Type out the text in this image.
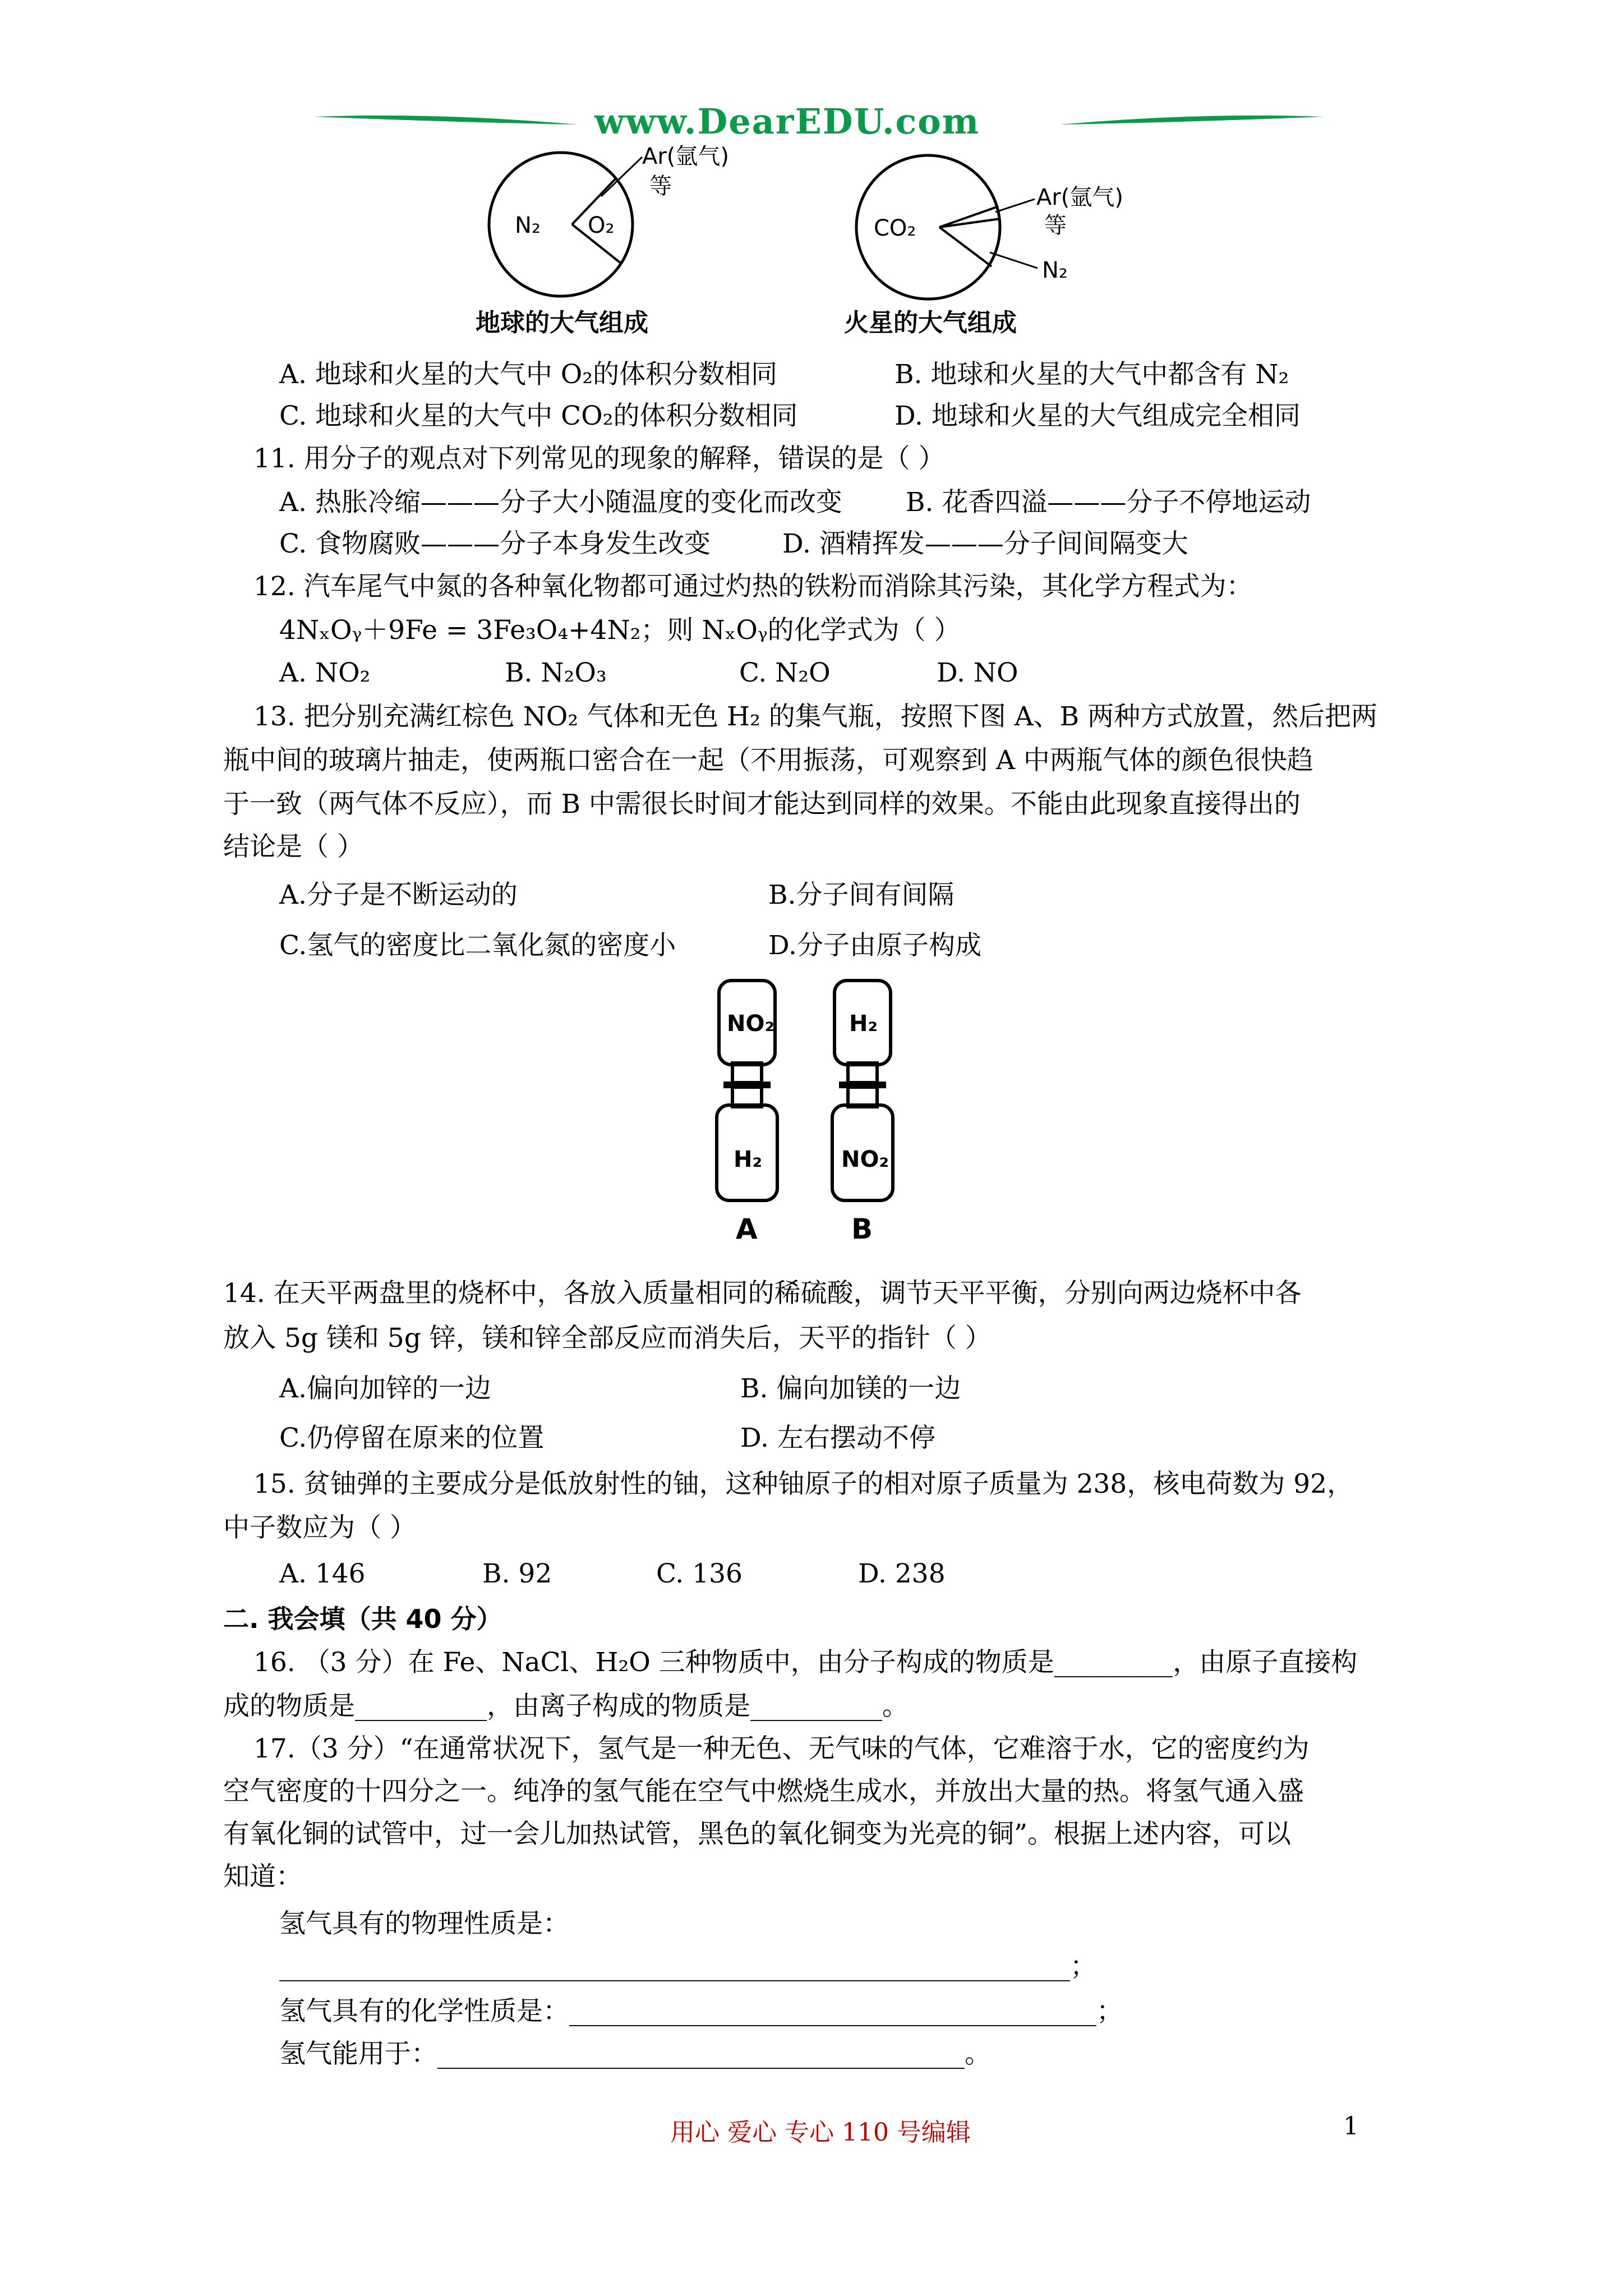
www.DearEDU.com
N₂ O₂
Ar(氩气)
等
地球的大气组成
CO₂
Ar(氩气)
等
N₂
火星的大气组成
A. 地球和火星的大气中 O₂的体积分数相同	B. 地球和火星的大气中都含有 N₂
C. 地球和火星的大气中 CO₂的体积分数相同	D. 地球和火星的大气组成完全相同
11. 用分子的观点对下列常见的现象的解释，错误的是（ ）
A. 热胀冷缩———分子大小随温度的变化而改变 B. 花香四溢———分子不停地运动
C. 食物腐败———分子本身发生改变	D. 酒精挥发———分子间间隔变大
12. 汽车尾气中氮的各种氧化物都可通过灼热的铁粉而消除其污染，其化学方程式为：
4NₓOᵧ＋9Fe = 3Fe₃O₄+4N₂；则 NₓOᵧ的化学式为（ ）
A. NO₂	B. N₂O₃	C. N₂O	D. NO
13. 把分别充满红棕色 NO₂ 气体和无色 H₂ 的集气瓶，按照下图 A、B 两种方式放置，然后把两
瓶中间的玻璃片抽走，使两瓶口密合在一起（不用振荡，可观察到 A 中两瓶气体的颜色很快趋
于一致（两气体不反应），而 B 中需很长时间才能达到同样的效果。不能由此现象直接得出的
结论是（ ）
A.分子是不断运动的	B.分子间有间隔
C.氢气的密度比二氧化氮的密度小	D.分子由原子构成
NO₂
H₂
A
H₂
NO₂
B
14. 在天平两盘里的烧杯中，各放入质量相同的稀硫酸，调节天平平衡，分别向两边烧杯中各
放入 5g 镁和 5g 锌，镁和锌全部反应而消失后，天平的指针（ ）
A.偏向加锌的一边	B. 偏向加镁的一边
C.仍停留在原来的位置	D. 左右摆动不停
15. 贫铀弹的主要成分是低放射性的铀，这种铀原子的相对原子质量为 238，核电荷数为 92，
中子数应为（ ）
A. 146	B. 92	C. 136	D. 238
二. 我会填（共 40 分）
16. （3 分）在 Fe、NaCl、H₂O 三种物质中，由分子构成的物质是_________，由原子直接构
成的物质是__________，由离子构成的物质是__________。
17.（3 分）“在通常状况下，氢气是一种无色、无气味的气体，它难溶于水，它的密度约为
空气密度的十四分之一。纯净的氢气能在空气中燃烧生成水，并放出大量的热。将氢气通入盛
有氧化铜的试管中，过一会儿加热试管，黑色的氧化铜变为光亮的铜”。根据上述内容，可以
知道：
氢气具有的物理性质是：
____________________________________________________________；
氢气具有的化学性质是：________________________________________；
氢气能用于：________________________________________。
用心 爱心 专心 110 号编辑	1
